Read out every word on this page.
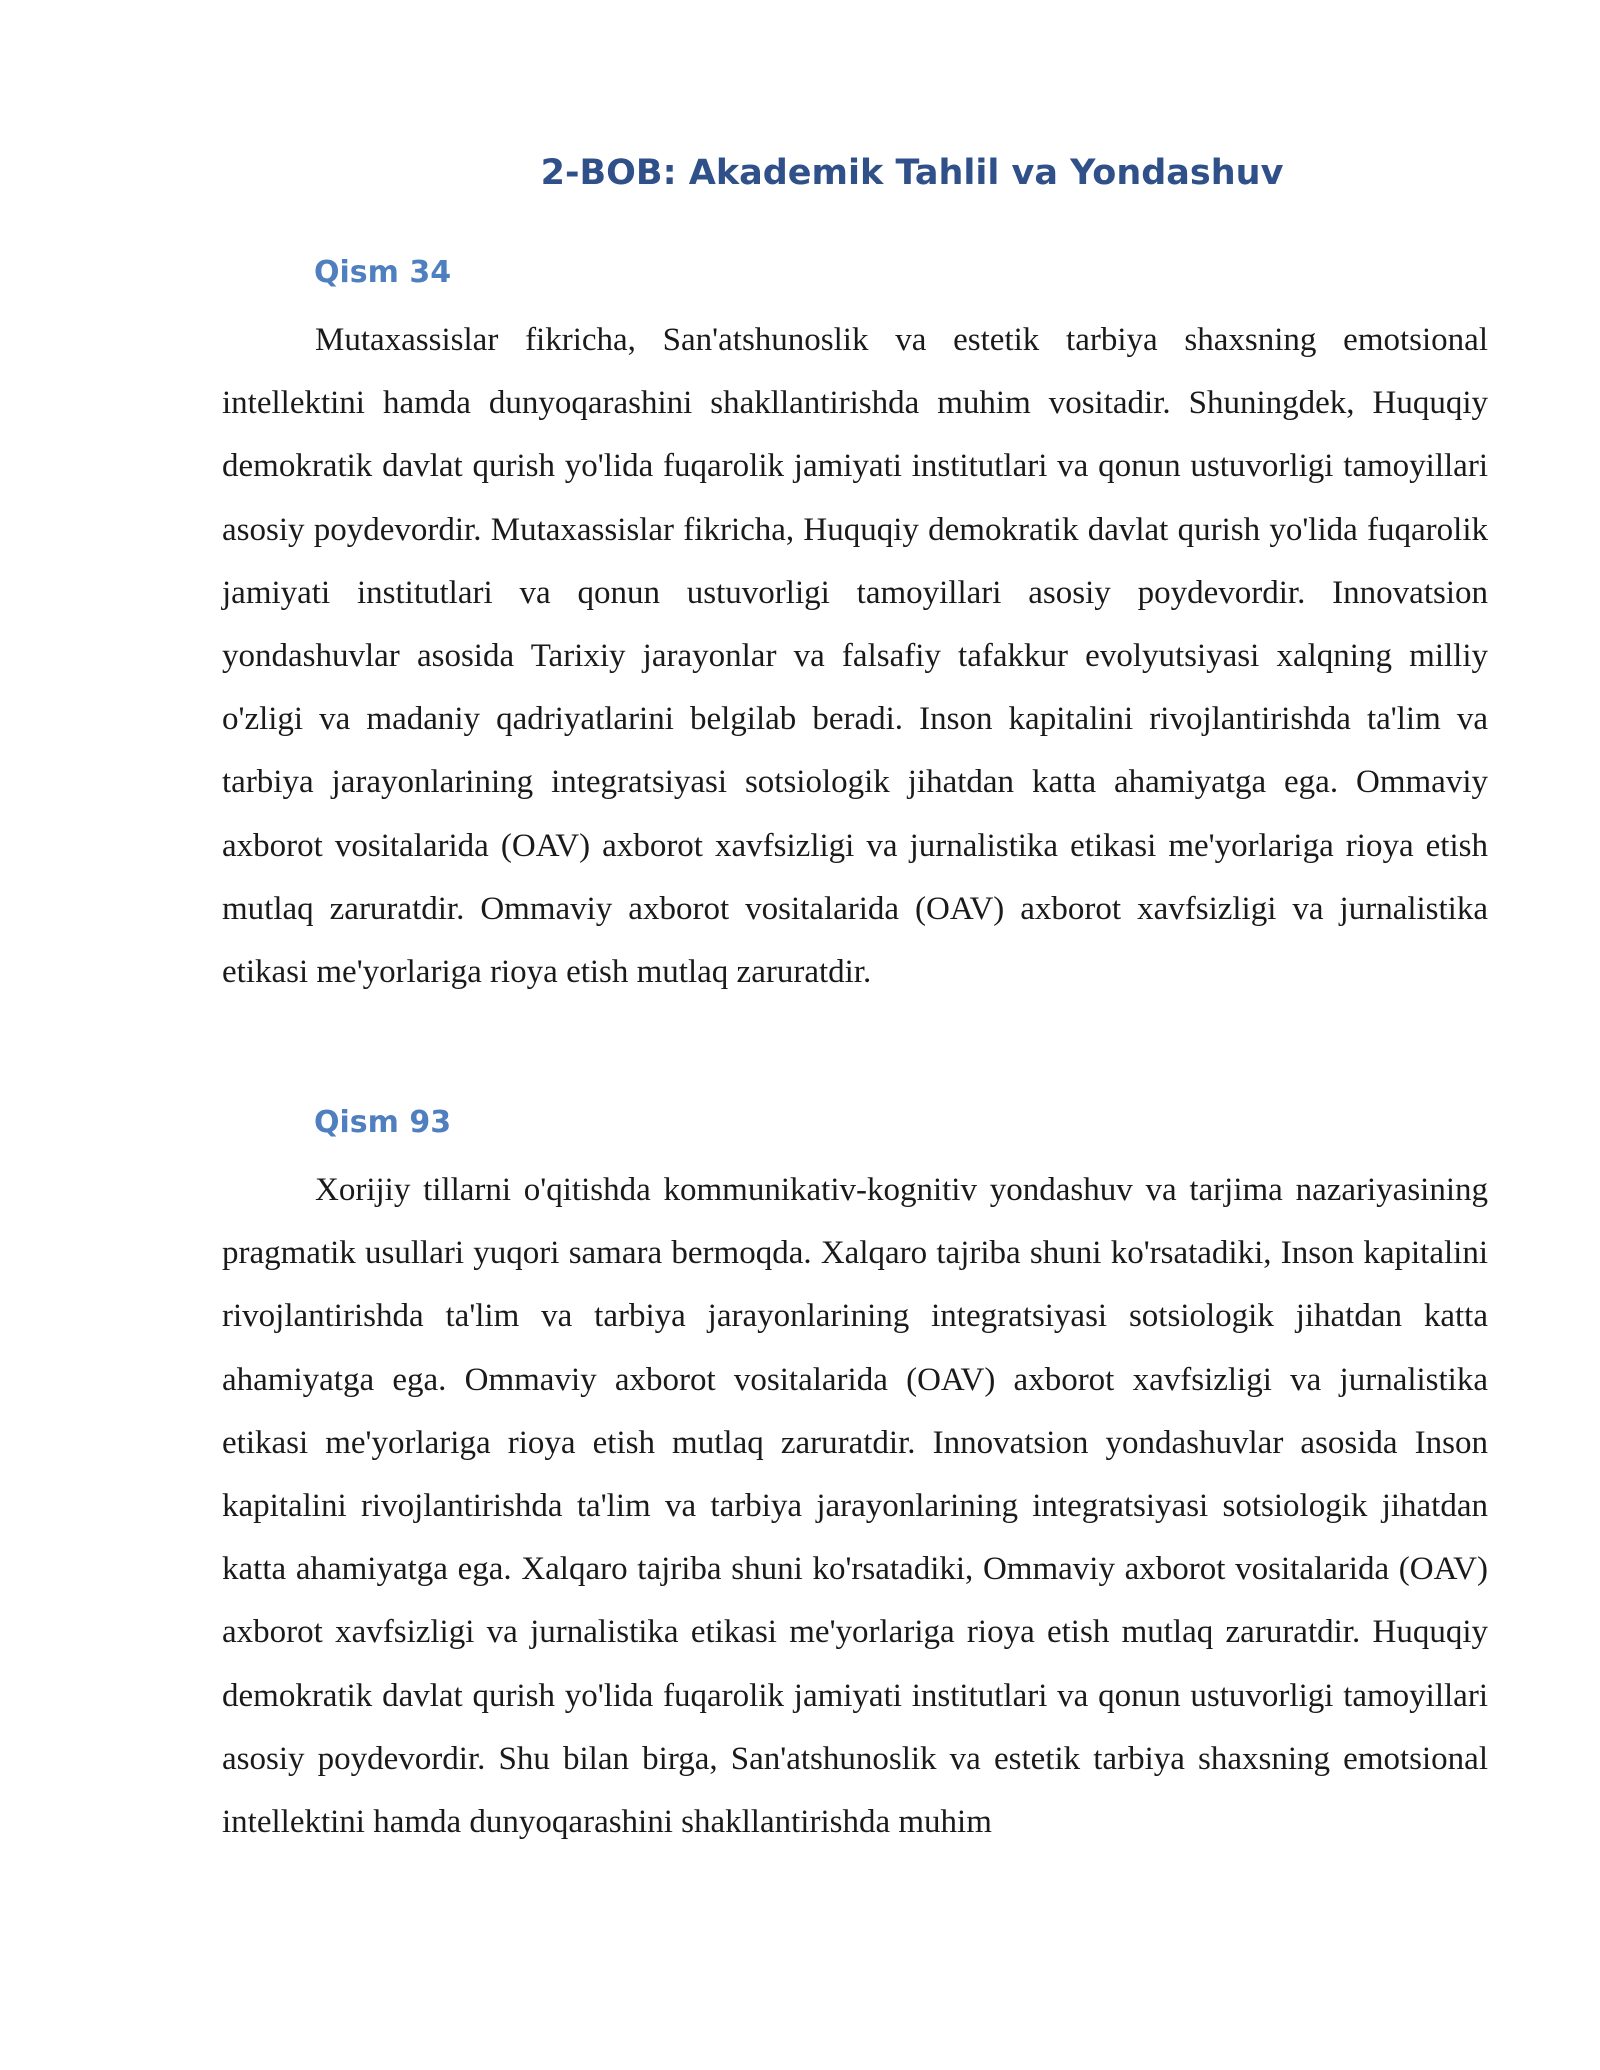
2-BOB: Akademik Tahlil va Yondashuv
Qism 34

Mutaxassislar fikricha, San'atshunoslik va estetik tarbiya shaxsning emotsional intellektini hamda dunyoqarashini shakllantirishda muhim vositadir. Shuningdek, Huquqiy demokratik davlat qurish yo'lida fuqarolik jamiyati institutlari va qonun ustuvorligi tamoyillari asosiy poydevordir. Mutaxassislar fikricha, Huquqiy demokratik davlat qurish yo'lida fuqarolik jamiyati institutlari va qonun ustuvorligi tamoyillari asosiy poydevordir. Innovatsion yondashuvlar asosida Tarixiy jarayonlar va falsafiy tafakkur evolyutsiyasi xalqning milliy o'zligi va madaniy qadriyatlarini belgilab beradi. Inson kapitalini rivojlantirishda ta'lim va tarbiya jarayonlarining integratsiyasi sotsiologik jihatdan katta ahamiyatga ega. Ommaviy axborot vositalarida (OAV) axborot xavfsizligi va jurnalistika etikasi me'yorlariga rioya etish mutlaq zaruratdir. Ommaviy axborot vositalarida (OAV) axborot xavfsizligi va jurnalistika etikasi me'yorlariga rioya etish mutlaq zaruratdir.

Qism 93

Xorijiy tillarni o'qitishda kommunikativ-kognitiv yondashuv va tarjima nazariyasining pragmatik usullari yuqori samara bermoqda. Xalqaro tajriba shuni ko'rsatadiki, Inson kapitalini rivojlantirishda ta'lim va tarbiya jarayonlarining integratsiyasi sotsiologik jihatdan katta ahamiyatga ega. Ommaviy axborot vositalarida (OAV) axborot xavfsizligi va jurnalistika etikasi me'yorlariga rioya etish mutlaq zaruratdir. Innovatsion yondashuvlar asosida Inson kapitalini rivojlantirishda ta'lim va tarbiya jarayonlarining integratsiyasi sotsiologik jihatdan katta ahamiyatga ega. Xalqaro tajriba shuni ko'rsatadiki, Ommaviy axborot vositalarida (OAV) axborot xavfsizligi va jurnalistika etikasi me'yorlariga rioya etish mutlaq zaruratdir. Huquqiy demokratik davlat qurish yo'lida fuqarolik jamiyati institutlari va qonun ustuvorligi tamoyillari asosiy poydevordir. Shu bilan birga, San'atshunoslik va estetik tarbiya shaxsning emotsional intellektini hamda dunyoqarashini shakllantirishda muhim
